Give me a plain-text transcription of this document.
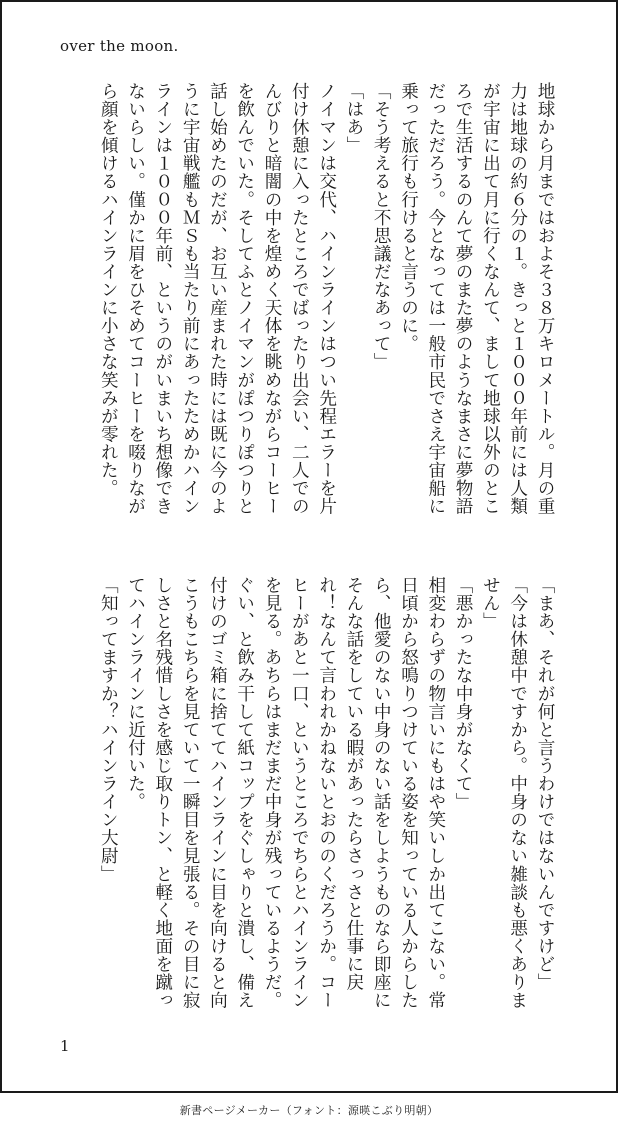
over the moon.

地球から月まではおよそ３８万キロメートル。月の重

力は地球の約６分の１。きっと１０００年前には人類

が宇宙に出て月に行くなんて、まして地球以外のとこ

ろで生活するのんて夢のまた夢のようなまさに夢物語

だっただろう。今となっては一般市民でさえ宇宙船に

乗って旅行も行けると言うのに。

「そう考えると不思議だなあって」

「はあ」

ノイマンは交代、ハインラインはつい先程エラーを片

付け休憩に入ったところでばったり出会い、二人での

んびりと暗闇の中を煌めく天体を眺めながらコーヒー

を飲んでいた。そしてふとノイマンがぽつりぽつりと

話し始めたのだが、お互い産まれた時には既に今のよ

うに宇宙戦艦もＭＳも当たり前にあったためかハイン

ラインは１０００年前、というのがいまいち想像でき

ないらしい。僅かに眉をひそめてコーヒーを啜りなが

ら顔を傾けるハインラインに小さな笑みが零れた。

「まあ、それが何と言うわけではないんですけど」

「今は休憩中ですから。中身のない雑談も悪くありま

せん」

「悪かったな中身がなくて」

相変わらずの物言いにもはや笑いしか出てこない。常

日頃から怒鳴りつけている姿を知っている人からした

ら、他愛のない中身のない話をしようものなら即座に

そんな話をしている暇があったらさっさと仕事に戻

れ！なんて言われかねないとおののくだろうか。コー

ヒーがあと一口、というところでちらとハインライン

を見る。あちらはまだまだ中身が残っているようだ。

ぐい、と飲み干して紙コップをぐしゃりと潰し、備え

付けのゴミ箱に捨ててハインラインに目を向けると向

こうもこちらを見ていて一瞬目を見張る。その目に寂

しさと名残惜しさを感じ取りトン、と軽く地面を蹴っ

てハインラインに近付いた。

「知ってますか？ハインライン大尉」

1
新書ページメーカー（フォント：源暎こぶり明朝）
